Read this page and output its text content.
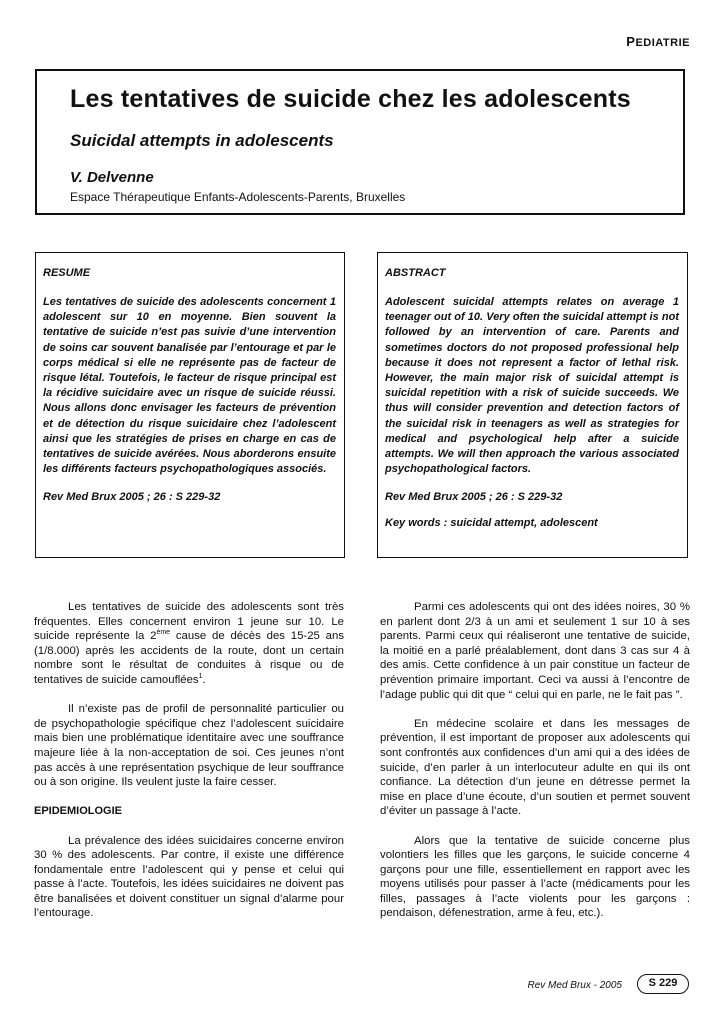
PEDIATRIE
Les tentatives de suicide chez les adolescents
Suicidal attempts in adolescents
V. Delvenne
Espace Thérapeutique Enfants-Adolescents-Parents, Bruxelles
RESUME
Les tentatives de suicide des adolescents concernent 1 adolescent sur 10 en moyenne. Bien souvent la tentative de suicide n’est pas suivie d’une intervention de soins car souvent banalisée par l’entourage et par le corps médical si elle ne représente pas de facteur de risque létal. Toutefois, le facteur de risque principal est la récidive suicidaire avec un risque de suicide réussi. Nous allons donc envisager les facteurs de prévention et de détection du risque suicidaire chez l’adolescent ainsi que les stratégies de prises en charge en cas de tentatives de suicide avérées. Nous aborderons ensuite les différents facteurs psychopathologiques associés.
Rev Med Brux 2005 ; 26 : S 229-32
ABSTRACT
Adolescent suicidal attempts relates on average 1 teenager out of 10. Very often the suicidal attempt is not followed by an intervention of care. Parents and sometimes doctors do not proposed professional help because it does not represent a factor of lethal risk. However, the main major risk of suicidal attempt is suicidal repetition with a risk of suicide succeeds. We thus will consider prevention and detection factors of the suicidal risk in teenagers as well as strategies for medical and psychological help after a suicide attempts. We will then approach the various associated psychopathological factors.
Rev Med Brux 2005 ; 26 : S 229-32
Key words : suicidal attempt, adolescent

Les tentatives de suicide des adolescents sont très fréquentes. Elles concernent environ 1 jeune sur 10. Le suicide représente la 2ème cause de décès des 15-25 ans (1/8.000) après les accidents de la route, dont un certain nombre sont le résultat de conduites à risque ou de tentatives de suicide camouflées$^1$.

Il n’existe pas de profil de personnalité particulier ou de psychopathologie spécifique chez l’adolescent suicidaire mais bien une problématique identitaire avec une souffrance majeure liée à la non-acceptation de soi. Ces jeunes n’ont pas accès à une représentation psychique de leur souffrance ou à son origine. Ils veulent juste la faire cesser.

EPIDEMIOLOGIE

La prévalence des idées suicidaires concerne environ 30 % des adolescents. Par contre, il existe une différence fondamentale entre l’adolescent qui y pense et celui qui passe à l’acte. Toutefois, les idées suicidaires ne doivent pas être banalisées et doivent constituer un signal d’alarme pour l’entourage.

Parmi ces adolescents qui ont des idées noires, 30 % en parlent dont 2/3 à un ami et seulement 1 sur 10 à ses parents. Parmi ceux qui réaliseront une tentative de suicide, la moitié en a parlé préalablement, dont dans 3 cas sur 4 à des amis. Cette confidence à un pair constitue un facteur de prévention primaire important. Ceci va aussi à l’encontre de l’adage public qui dit que “ celui qui en parle, ne le fait pas ”.

En médecine scolaire et dans les messages de prévention, il est important de proposer aux adolescents qui sont confrontés aux confidences d’un ami qui a des idées de suicide, d’en parler à un interlocuteur adulte en qui ils ont confiance. La détection d’un jeune en détresse permet la mise en place d’une écoute, d’un soutien et permet souvent d’éviter un passage à l’acte.

Alors que la tentative de suicide concerne plus volontiers les filles que les garçons, le suicide concerne 4 garçons pour une fille, essentiellement en rapport avec les moyens utilisés pour passer à l’acte (médicaments pour les filles, passages à l’acte violents pour les garçons : pendaison, défenestration, arme à feu, etc.).

Rev Med Brux - 2005	S 229
